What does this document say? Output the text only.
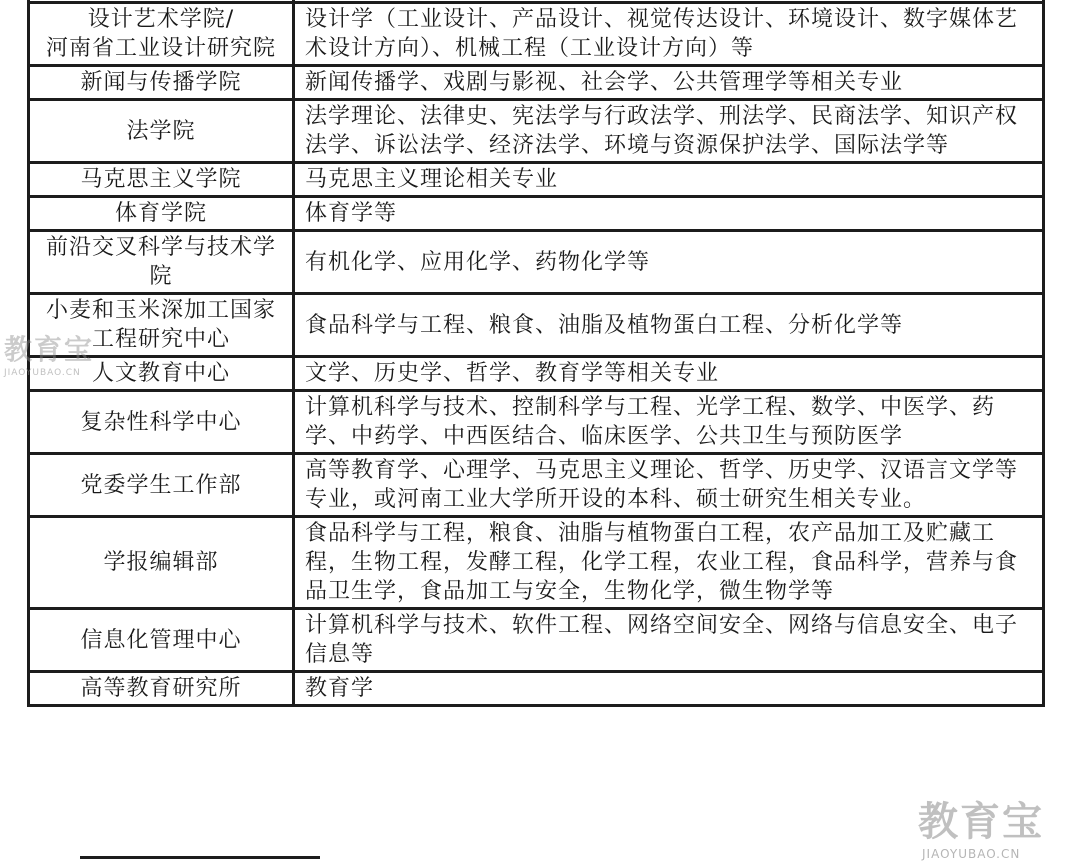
设计艺术学院/
河南省工业设计研究院	设计学（工业设计、产品设计、视觉传达设计、环境设计、数字媒体艺术设计方向）、机械工程（工业设计方向）等
新闻与传播学院	新闻传播学、戏剧与影视、社会学、公共管理学等相关专业
法学院	法学理论、法律史、宪法学与行政法学、刑法学、民商法学、知识产权法学、诉讼法学、经济法学、环境与资源保护法学、国际法学等
马克思主义学院	马克思主义理论相关专业
体育学院	体育学等
前沿交叉科学与技术学院	有机化学、应用化学、药物化学等
小麦和玉米深加工国家工程研究中心	食品科学与工程、粮食、油脂及植物蛋白工程、分析化学等
人文教育中心	文学、历史学、哲学、教育学等相关专业
复杂性科学中心	计算机科学与技术、控制科学与工程、光学工程、数学、中医学、药学、中药学、中西医结合、临床医学、公共卫生与预防医学
党委学生工作部	高等教育学、心理学、马克思主义理论、哲学、历史学、汉语言文学等专业，或河南工业大学所开设的本科、硕士研究生相关专业。
学报编辑部	食品科学与工程，粮食、油脂与植物蛋白工程，农产品加工及贮藏工程，生物工程，发酵工程，化学工程，农业工程，食品科学，营养与食品卫生学，食品加工与安全，生物化学，微生物学等
信息化管理中心	计算机科学与技术、软件工程、网络空间安全、网络与信息安全、电子信息等
高等教育研究所	教育学
教育宝
JIAOYUBAO.CN
教育宝
JIAOYUBAO.CN
